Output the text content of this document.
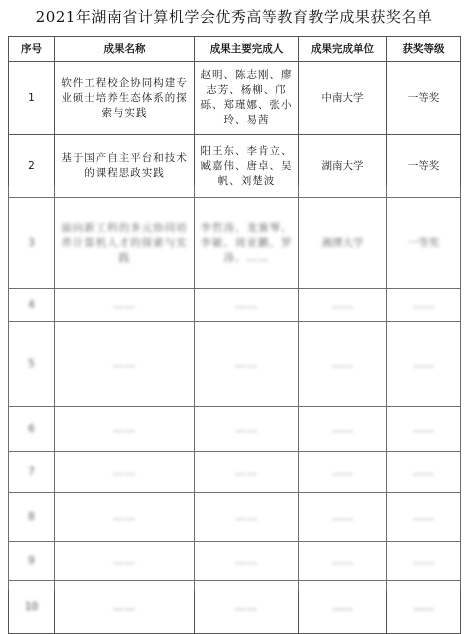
2021年湖南省计算机学会优秀高等教育教学成果获奖名单
序号	成果名称	成果主要完成人	成果完成单位	获奖等级
1	软件工程校企协同构建专业硕士培养生态体系的探索与实践	赵明、陈志刚、廖志芳、杨柳、邝砾、郑瑾娜、张小玲、易茜	中南大学	一等奖
2	基于国产自主平台和技术的课程思政实践	阳王东、李肯立、臧嘉伟、唐卓、吴帆、刘楚波	湖南大学	一等奖
3	面向新工科的多元协同培养计算机人才的探索与实践	李哲涛、龙赛琴、李敏、周亚鹏、罗涛、……	湘潭大学	一等奖
4	……	……	……	……
5	……	……	……	……
6	……	……	……	……
7	……	……	……	……
8	……	……	……	……
9	……	……	……	……
10	……	……	……	……
